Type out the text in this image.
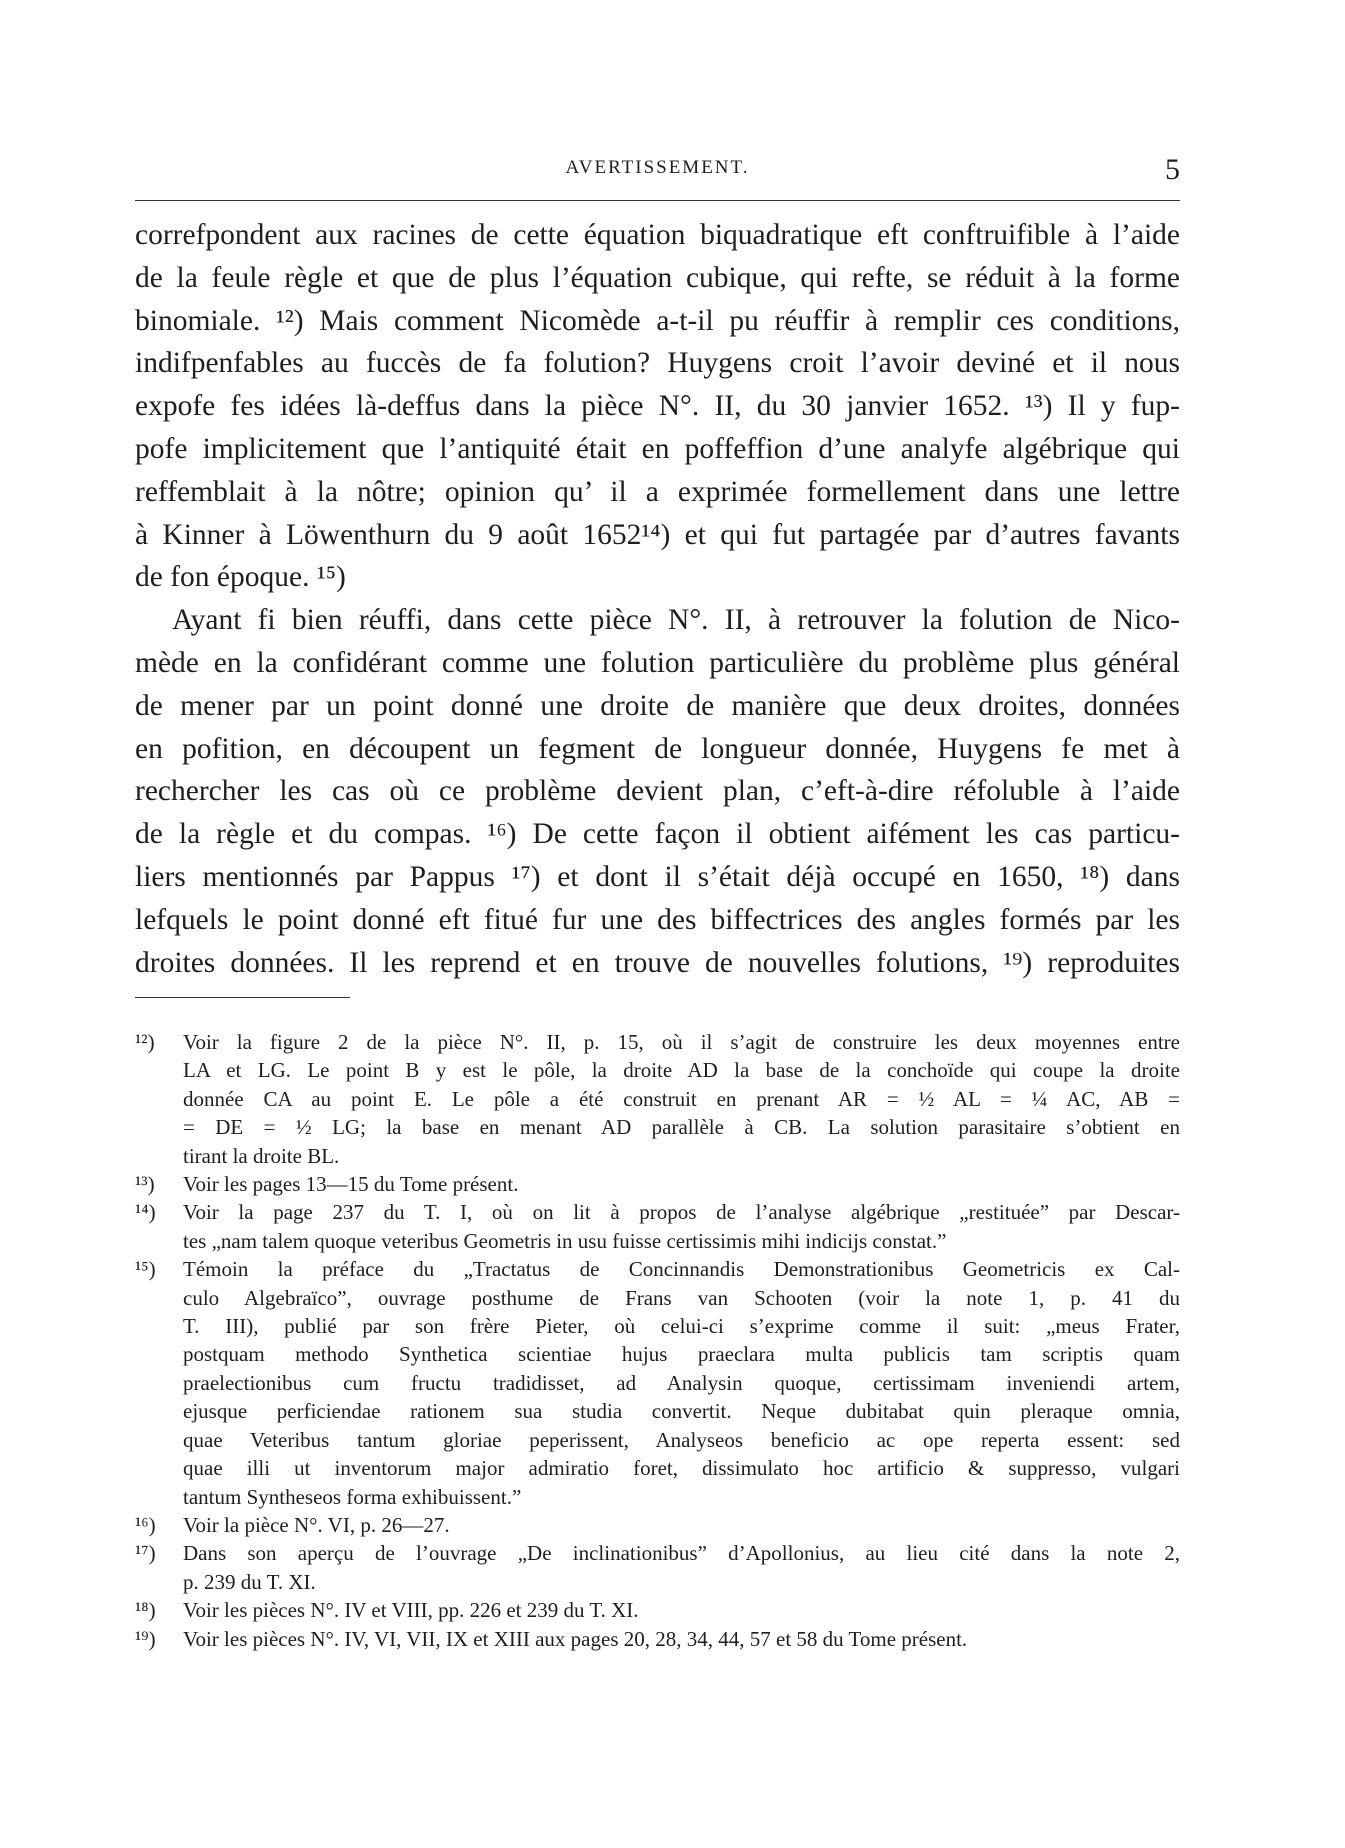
AVERTISSEMENT.	5

correfpondent aux racines de cette équation biquadratique eft conftruifible à l’aide
de la feule règle et que de plus l’équation cubique, qui refte, se réduit à la forme
binomiale. ¹²) Mais comment Nicomède a-t-il pu réuffir à remplir ces conditions,
indifpenfables au fuccès de fa folution? Huygens croit l’avoir deviné et il nous
expofe fes idées là-deffus dans la pièce N°. II, du 30 janvier 1652. ¹³) Il y fup-
pofe implicitement que l’antiquité était en poffeffion d’une analyfe algébrique qui
reffemblait à la nôtre; opinion qu’ il a exprimée formellement dans une lettre
à Kinner à Löwenthurn du 9 août 1652¹⁴) et qui fut partagée par d’autres favants
de fon époque. ¹⁵)

Ayant fi bien réuffi, dans cette pièce N°. II, à retrouver la folution de Nico-
mède en la confidérant comme une folution particulière du problème plus général
de mener par un point donné une droite de manière que deux droites, données
en pofition, en découpent un fegment de longueur donnée, Huygens fe met à
rechercher les cas où ce problème devient plan, c’eft-à-dire réfoluble à l’aide
de la règle et du compas. ¹⁶) De cette façon il obtient aifément les cas particu-
liers mentionnés par Pappus ¹⁷) et dont il s’était déjà occupé en 1650, ¹⁸) dans
lefquels le point donné eft fitué fur une des biffectrices des angles formés par les
droites données. Il les reprend et en trouve de nouvelles folutions, ¹⁹) reproduites

¹²) Voir la figure 2 de la pièce N°. II, p. 15, où il s’agit de construire les deux moyennes entre
LA et LG. Le point B y est le pôle, la droite AD la base de la conchoïde qui coupe la droite
donnée CA au point E. Le pôle a été construit en prenant AR = ½ AL = ¼ AC, AB =
= DE = ½ LG; la base en menant AD parallèle à CB. La solution parasitaire s’obtient en
tirant la droite BL.
¹³) Voir les pages 13—15 du Tome présent.
¹⁴) Voir la page 237 du T. I, où on lit à propos de l’analyse algébrique „restituée” par Descar-
tes „nam talem quoque veteribus Geometris in usu fuisse certissimis mihi indicijs constat.”
¹⁵) Témoin la préface du „Tractatus de Concinnandis Demonstrationibus Geometricis ex Cal-
culo Algebraïco”, ouvrage posthume de Frans van Schooten (voir la note 1, p. 41 du
T. III), publié par son frère Pieter, où celui-ci s’exprime comme il suit: „meus Frater,
postquam methodo Synthetica scientiae hujus praeclara multa publicis tam scriptis quam
praelectionibus cum fructu tradidisset, ad Analysin quoque, certissimam inveniendi artem,
ejusque perficiendae rationem sua studia convertit. Neque dubitabat quin pleraque omnia,
quae Veteribus tantum gloriae peperissent, Analyseos beneficio ac ope reperta essent: sed
quae illi ut inventorum major admiratio foret, dissimulato hoc artificio & suppresso, vulgari
tantum Syntheseos forma exhibuissent.”
¹⁶) Voir la pièce N°. VI, p. 26—27.
¹⁷) Dans son aperçu de l’ouvrage „De inclinationibus” d’Apollonius, au lieu cité dans la note 2,
p. 239 du T. XI.
¹⁸) Voir les pièces N°. IV et VIII, pp. 226 et 239 du T. XI.
¹⁹) Voir les pièces N°. IV, VI, VII, IX et XIII aux pages 20, 28, 34, 44, 57 et 58 du Tome présent.
